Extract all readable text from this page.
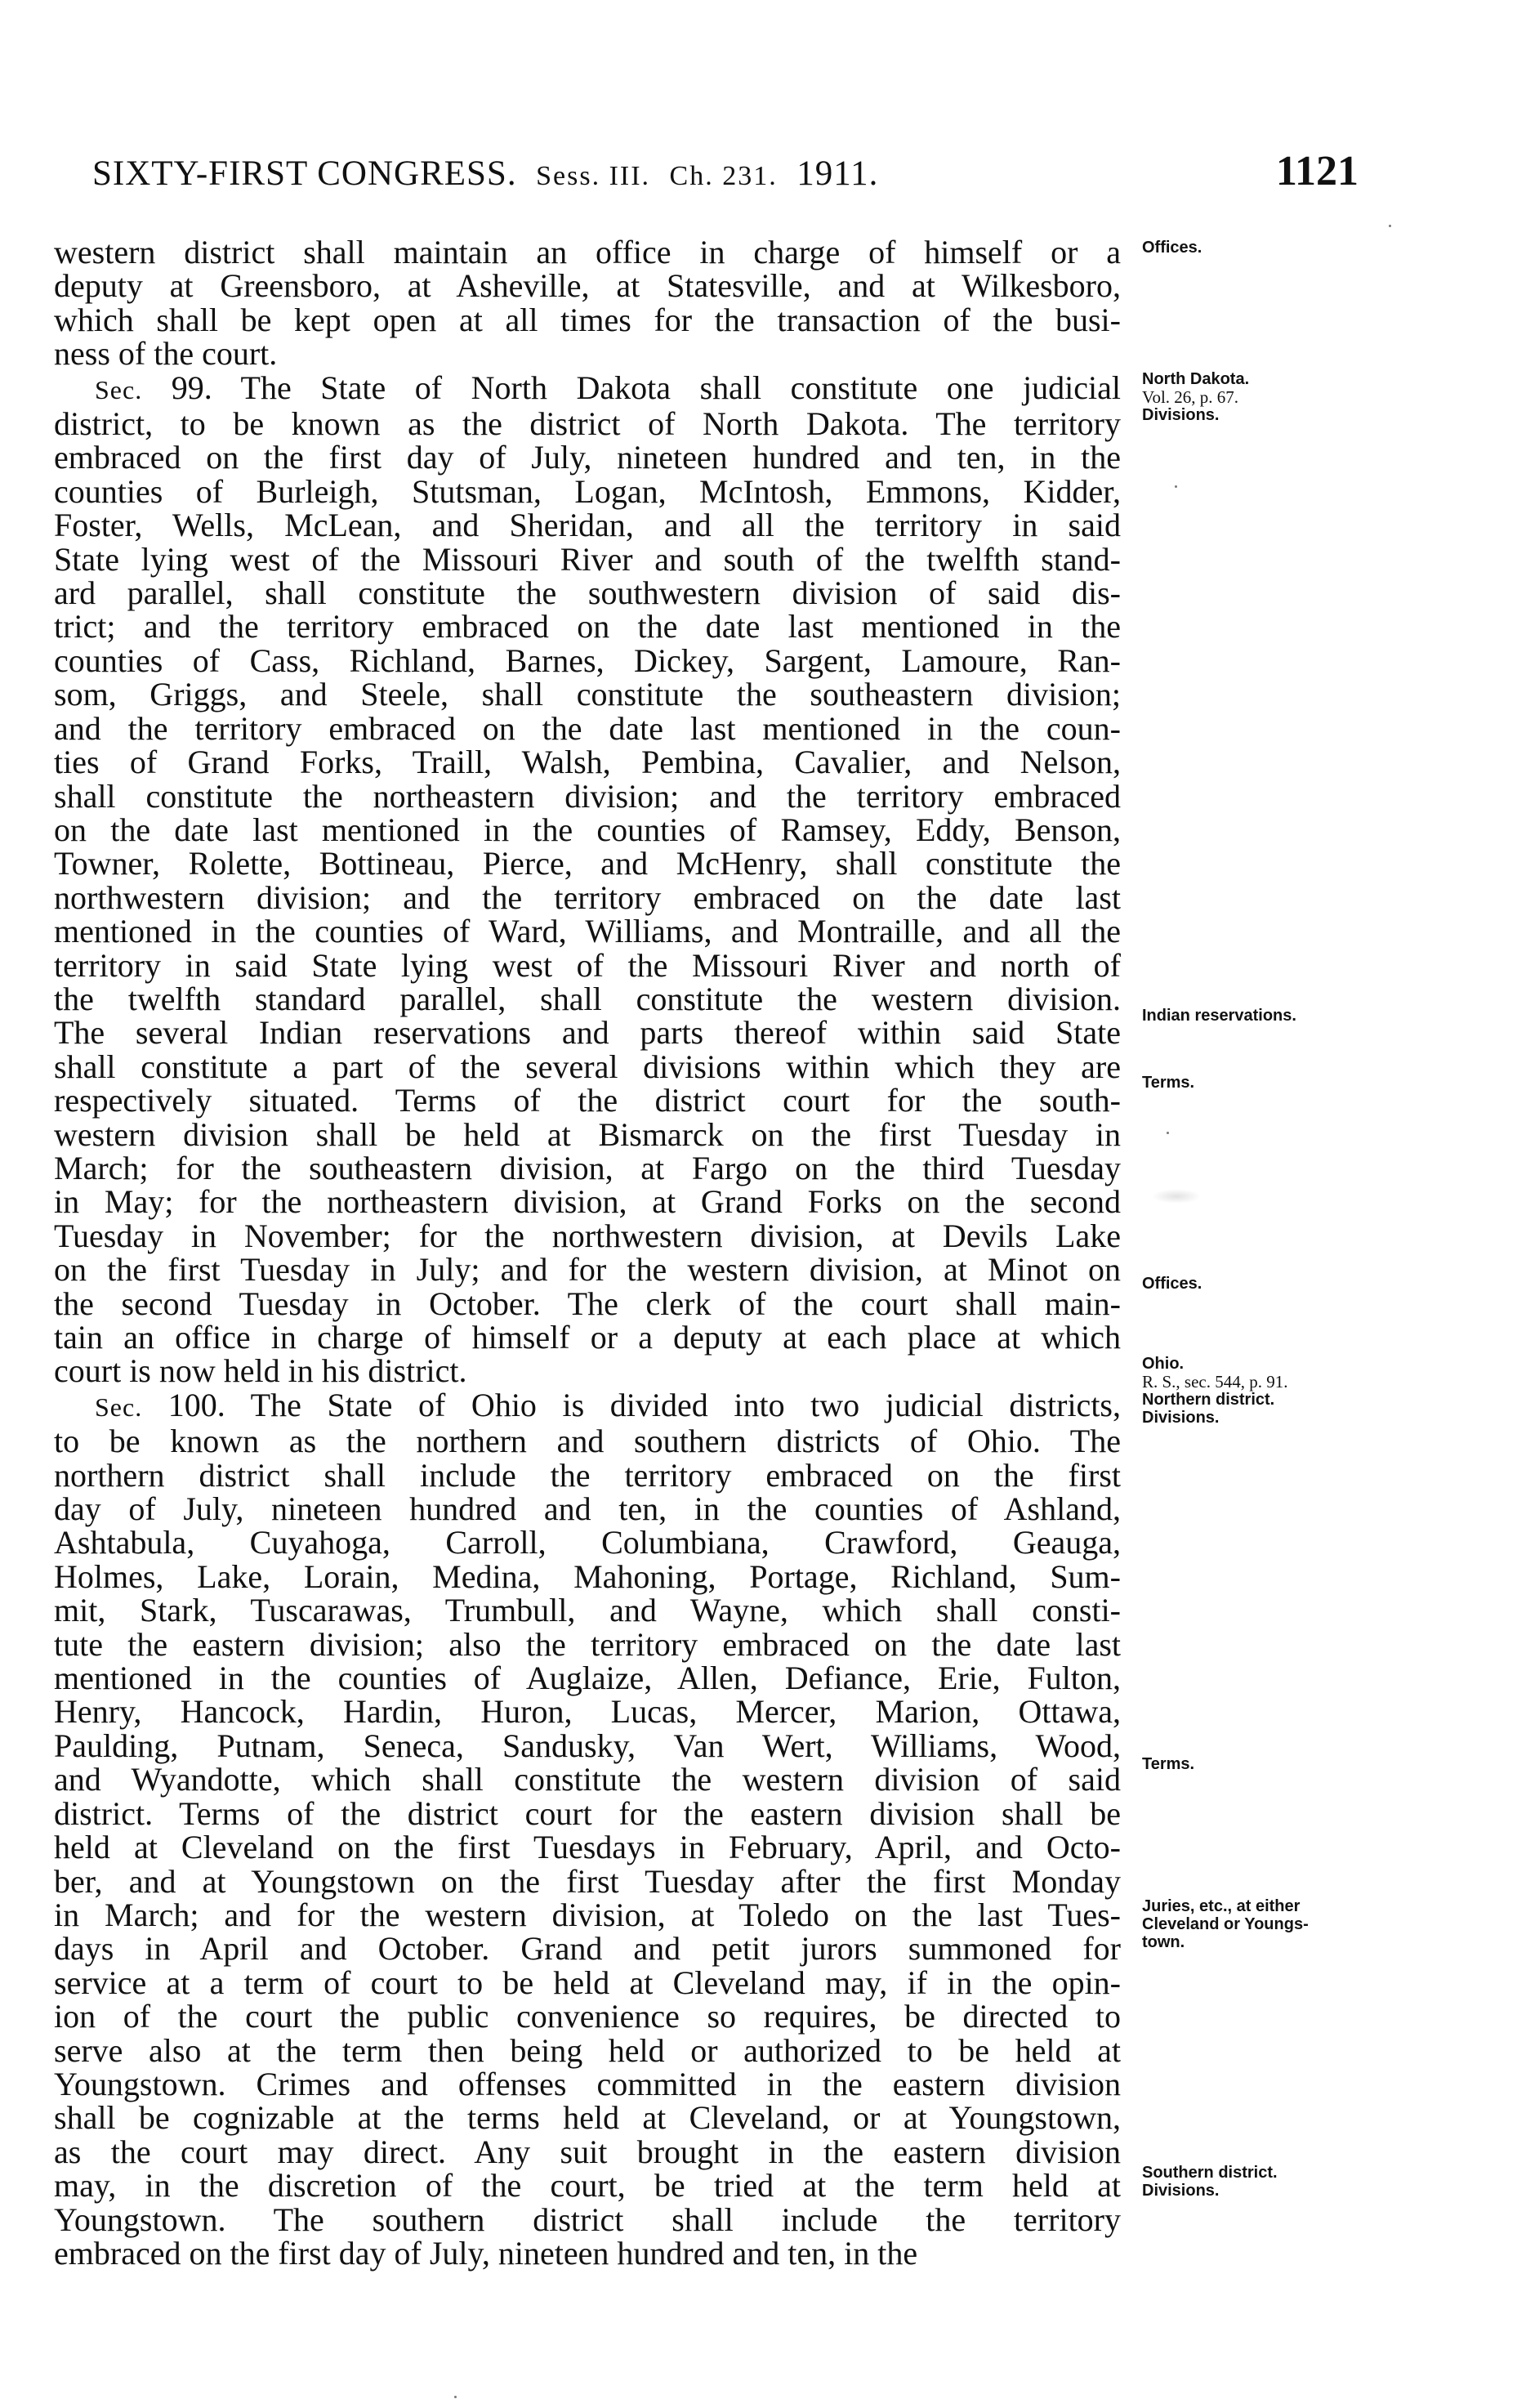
SIXTY-FIRST CONGRESS. Sess. III. Ch. 231. 1911.	1121

western district shall maintain an office in charge of himself or a

deputy at Greensboro, at Asheville, at Statesville, and at Wilkesboro,

which shall be kept open at all times for the transaction of the busi-

ness of the court.

Sec. 99. The State of North Dakota shall constitute one judicial

district, to be known as the district of North Dakota. The territory

embraced on the first day of July, nineteen hundred and ten, in the

counties of Burleigh, Stutsman, Logan, McIntosh, Emmons, Kidder,

Foster, Wells, McLean, and Sheridan, and all the territory in said

State lying west of the Missouri River and south of the twelfth stand-

ard parallel, shall constitute the southwestern division of said dis-

trict; and the territory embraced on the date last mentioned in the

counties of Cass, Richland, Barnes, Dickey, Sargent, Lamoure, Ran-

som, Griggs, and Steele, shall constitute the southeastern division;

and the territory embraced on the date last mentioned in the coun-

ties of Grand Forks, Traill, Walsh, Pembina, Cavalier, and Nelson,

shall constitute the northeastern division; and the territory embraced

on the date last mentioned in the counties of Ramsey, Eddy, Benson,

Towner, Rolette, Bottineau, Pierce, and McHenry, shall constitute the

northwestern division; and the territory embraced on the date last

mentioned in the counties of Ward, Williams, and Montraille, and all the

territory in said State lying west of the Missouri River and north of

the twelfth standard parallel, shall constitute the western division.

The several Indian reservations and parts thereof within said State

shall constitute a part of the several divisions within which they are

respectively situated. Terms of the district court for the south-

western division shall be held at Bismarck on the first Tuesday in

March; for the southeastern division, at Fargo on the third Tuesday

in May; for the northeastern division, at Grand Forks on the second

Tuesday in November; for the northwestern division, at Devils Lake

on the first Tuesday in July; and for the western division, at Minot on

the second Tuesday in October. The clerk of the court shall main-

tain an office in charge of himself or a deputy at each place at which

court is now held in his district.

Sec. 100. The State of Ohio is divided into two judicial districts,

to be known as the northern and southern districts of Ohio. The

northern district shall include the territory embraced on the first

day of July, nineteen hundred and ten, in the counties of Ashland,

Ashtabula, Cuyahoga, Carroll, Columbiana, Crawford, Geauga,

Holmes, Lake, Lorain, Medina, Mahoning, Portage, Richland, Sum-

mit, Stark, Tuscarawas, Trumbull, and Wayne, which shall consti-

tute the eastern division; also the territory embraced on the date last

mentioned in the counties of Auglaize, Allen, Defiance, Erie, Fulton,

Henry, Hancock, Hardin, Huron, Lucas, Mercer, Marion, Ottawa,

Paulding, Putnam, Seneca, Sandusky, Van Wert, Williams, Wood,

and Wyandotte, which shall constitute the western division of said

district. Terms of the district court for the eastern division shall be

held at Cleveland on the first Tuesdays in February, April, and Octo-

ber, and at Youngstown on the first Tuesday after the first Monday

in March; and for the western division, at Toledo on the last Tues-

days in April and October. Grand and petit jurors summoned for

service at a term of court to be held at Cleveland may, if in the opin-

ion of the court the public convenience so requires, be directed to

serve also at the term then being held or authorized to be held at

Youngstown. Crimes and offenses committed in the eastern division

shall be cognizable at the terms held at Cleveland, or at Youngstown,

as the court may direct. Any suit brought in the eastern division

may, in the discretion of the court, be tried at the term held at

Youngstown. The southern district shall include the territory

embraced on the first day of July, nineteen hundred and ten, in the

Offices.
North Dakota.
Vol. 26, p. 67.
Divisions.
Indian reservations.
Terms.
Offices.
Ohio.
R. S., sec. 544, p. 91.
Northern district.
Divisions.
Terms.
Juries, etc., at either
Cleveland or Youngs-
town.
Southern district.
Divisions.
